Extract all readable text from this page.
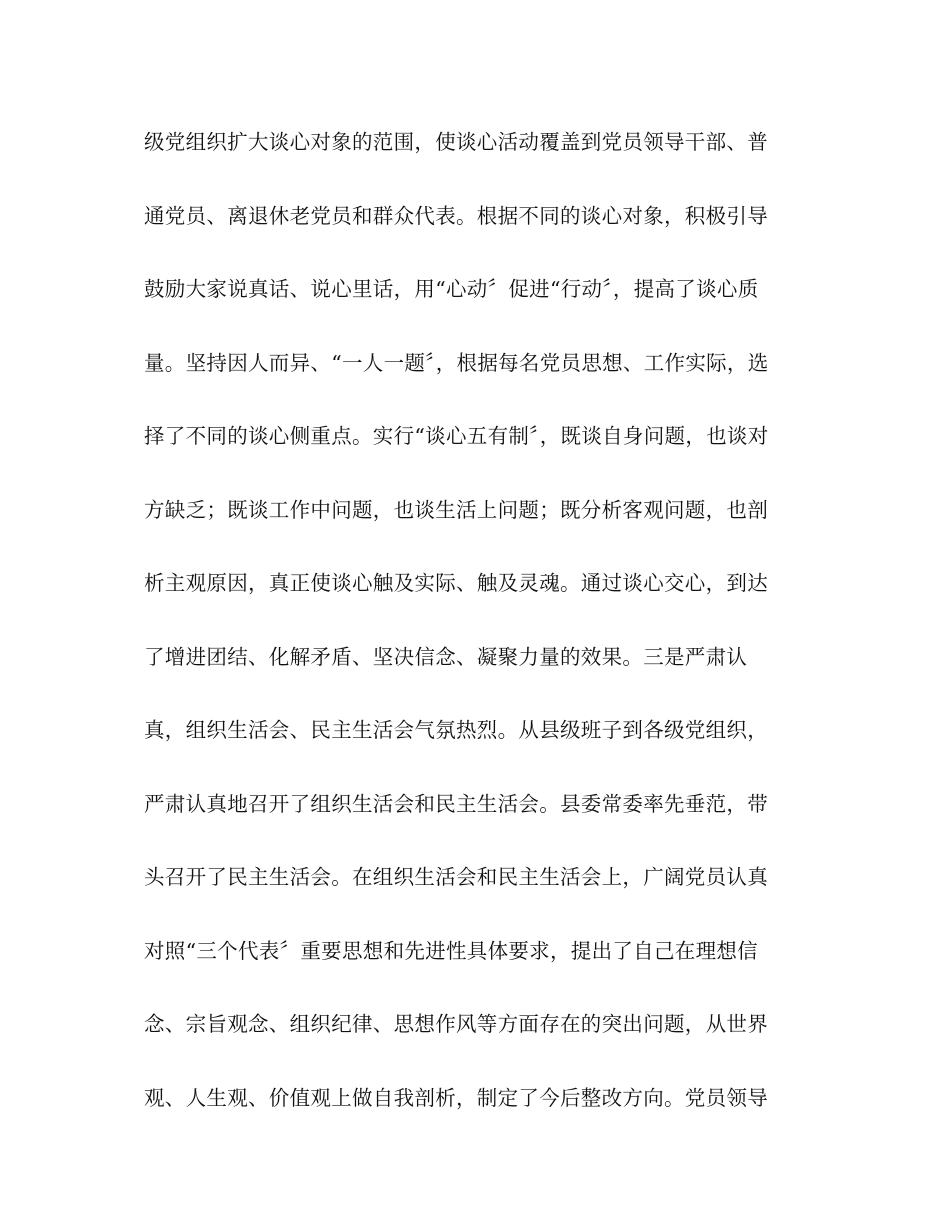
级党组织扩大谈心对象的范围，使谈心活动覆盖到党员领导干部、普
通党员、离退休老党员和群众代表。根据不同的谈心对象，积极引导
鼓励大家说真话、说心里话，用“心动〞促进“行动〞，提高了谈心质
量。坚持因人而异、“一人一题〞，根据每名党员思想、工作实际，选
择了不同的谈心侧重点。实行“谈心五有制〞，既谈自身问题，也谈对
方缺乏；既谈工作中问题，也谈生活上问题；既分析客观问题，也剖
析主观原因，真正使谈心触及实际、触及灵魂。通过谈心交心，到达
了增进团结、化解矛盾、坚决信念、凝聚力量的效果。三是严肃认
真，组织生活会、民主生活会气氛热烈。从县级班子到各级党组织，
严肃认真地召开了组织生活会和民主生活会。县委常委率先垂范，带
头召开了民主生活会。在组织生活会和民主生活会上，广阔党员认真
对照“三个代表〞重要思想和先进性具体要求，提出了自己在理想信
念、宗旨观念、组织纪律、思想作风等方面存在的突出问题，从世界
观、人生观、价值观上做自我剖析，制定了今后整改方向。党员领导
